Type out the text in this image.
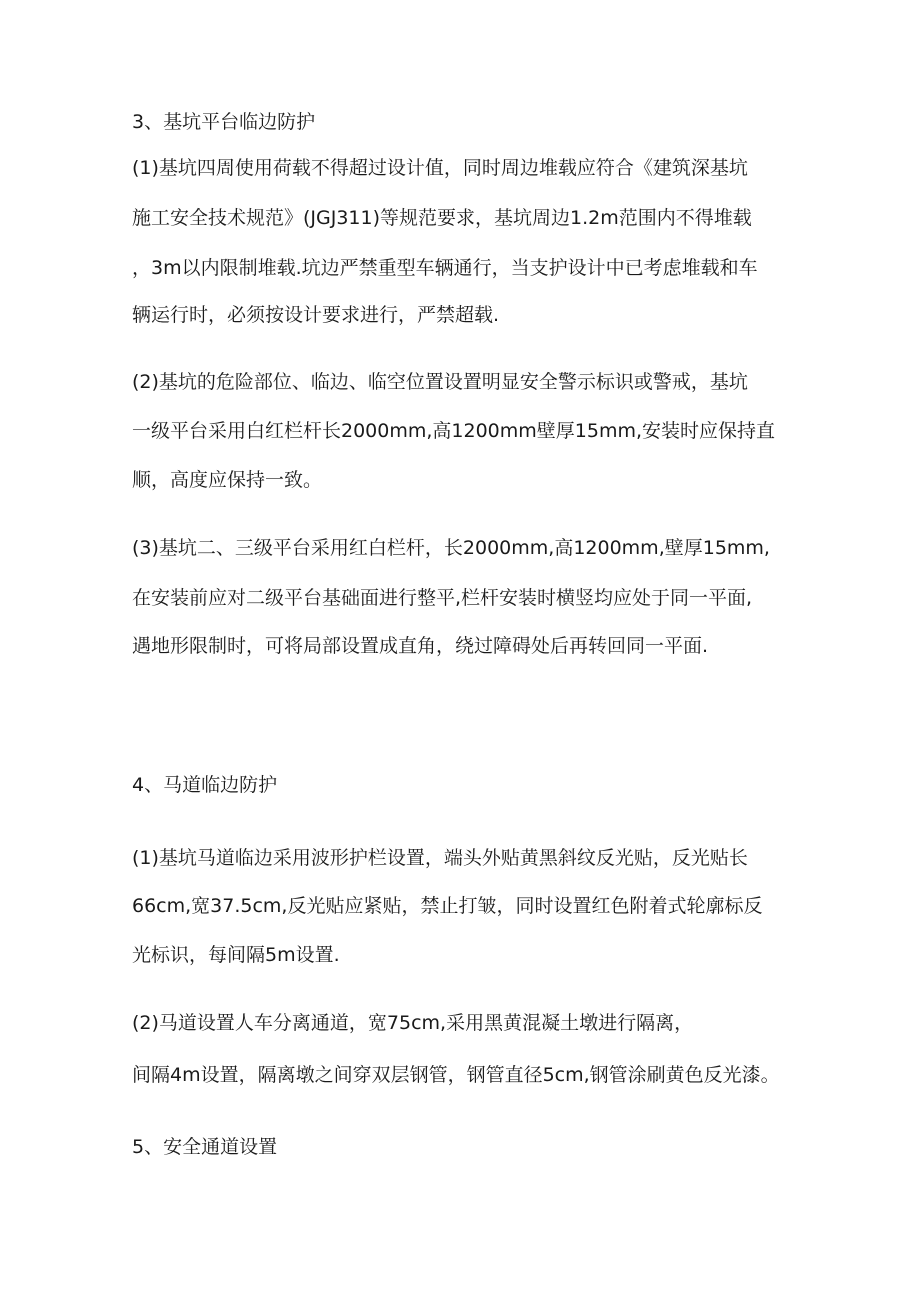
3、基坑平台临边防护
(1)基坑四周使用荷载不得超过设计值，同时周边堆载应符合《建筑深基坑
施工安全技术规范》(JGJ311)等规范要求，基坑周边1.2m范围内不得堆载
，3m以内限制堆载.坑边严禁重型车辆通行，当支护设计中已考虑堆载和车
辆运行时，必须按设计要求进行，严禁超载.
(2)基坑的危险部位、临边、临空位置设置明显安全警示标识或警戒，基坑
一级平台采用白红栏杆长2000mm,高1200mm壁厚15mm,安装时应保持直
顺，高度应保持一致。
(3)基坑二、三级平台采用红白栏杆，长2000mm,高1200mm,壁厚15mm,
在安装前应对二级平台基础面进行整平,栏杆安装时横竖均应处于同一平面,
遇地形限制时，可将局部设置成直角，绕过障碍处后再转回同一平面.
4、马道临边防护
(1)基坑马道临边采用波形护栏设置，端头外贴黄黑斜纹反光贴，反光贴长
66cm,宽37.5cm,反光贴应紧贴，禁止打皱，同时设置红色附着式轮廓标反
光标识，每间隔5m设置.
(2)马道设置人车分离通道，宽75cm,采用黑黄混凝土墩进行隔离，
间隔4m设置，隔离墩之间穿双层钢管，钢管直径5cm,钢管涂刷黄色反光漆。
5、安全通道设置
